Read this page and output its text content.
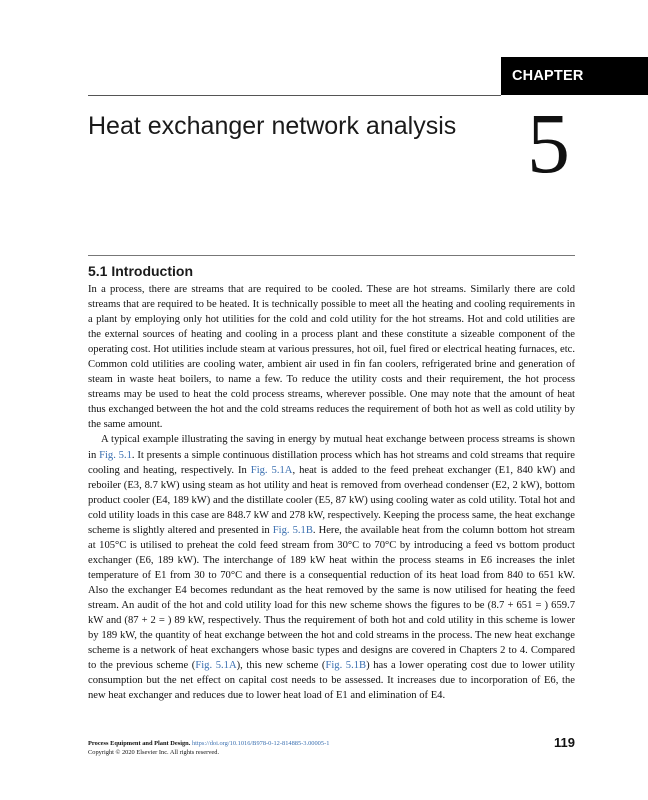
CHAPTER
Heat exchanger network analysis 5
5.1 Introduction

In a process, there are streams that are required to be cooled. These are hot streams. Similarly there are cold streams that are required to be heated. It is technically possible to meet all the heating and cooling requirements in a plant by employing only hot utilities for the cold and cold utility for the hot streams. Hot and cold utilities are the external sources of heating and cooling in a process plant and these constitute a sizeable component of the operating cost. Hot utilities include steam at various pressures, hot oil, fuel fired or electrical heating furnaces, etc. Common cold utilities are cooling water, ambient air used in fin fan coolers, refrigerated brine and generation of steam in waste heat boilers, to name a few. To reduce the utility costs and their requirement, the hot process streams may be used to heat the cold process streams, wherever possible. One may note that the amount of heat thus exchanged between the hot and the cold streams reduces the requirement of both hot as well as cold utility by the same amount.

A typical example illustrating the saving in energy by mutual heat exchange between process streams is shown in Fig. 5.1. It presents a simple continuous distillation process which has hot streams and cold streams that require cooling and heating, respectively. In Fig. 5.1A, heat is added to the feed preheat exchanger (E1, 840 kW) and reboiler (E3, 8.7 kW) using steam as hot utility and heat is removed from overhead condenser (E2, 2 kW), bottom product cooler (E4, 189 kW) and the distillate cooler (E5, 87 kW) using cooling water as cold utility. Total hot and cold utility loads in this case are 848.7 kW and 278 kW, respectively. Keeping the process same, the heat exchange scheme is slightly altered and presented in Fig. 5.1B. Here, the available heat from the column bottom hot stream at 105°C is utilised to preheat the cold feed stream from 30°C to 70°C by introducing a feed vs bottom product exchanger (E6, 189 kW). The interchange of 189 kW heat within the process steams in E6 increases the inlet temperature of E1 from 30 to 70°C and there is a consequential reduction of its heat load from 840 to 651 kW. Also the exchanger E4 becomes redundant as the heat removed by the same is now utilised for heating the feed stream. An audit of the hot and cold utility load for this new scheme shows the figures to be (8.7 + 651 = ) 659.7 kW and (87 + 2 = ) 89 kW, respectively. Thus the requirement of both hot and cold utility in this scheme is lower by 189 kW, the quantity of heat exchange between the hot and cold streams in the process. The new heat exchange scheme is a network of heat exchangers whose basic types and designs are covered in Chapters 2 to 4. Compared to the previous scheme (Fig. 5.1A), this new scheme (Fig. 5.1B) has a lower operating cost due to lower utility consumption but the net effect on capital cost needs to be assessed. It increases due to incorporation of E6, the new heat exchanger and reduces due to lower heat load of E1 and elimination of E4.

Process Equipment and Plant Design. https://doi.org/10.1016/B978-0-12-814885-3.00005-1
Copyright © 2020 Elsevier Inc. All rights reserved.
119
